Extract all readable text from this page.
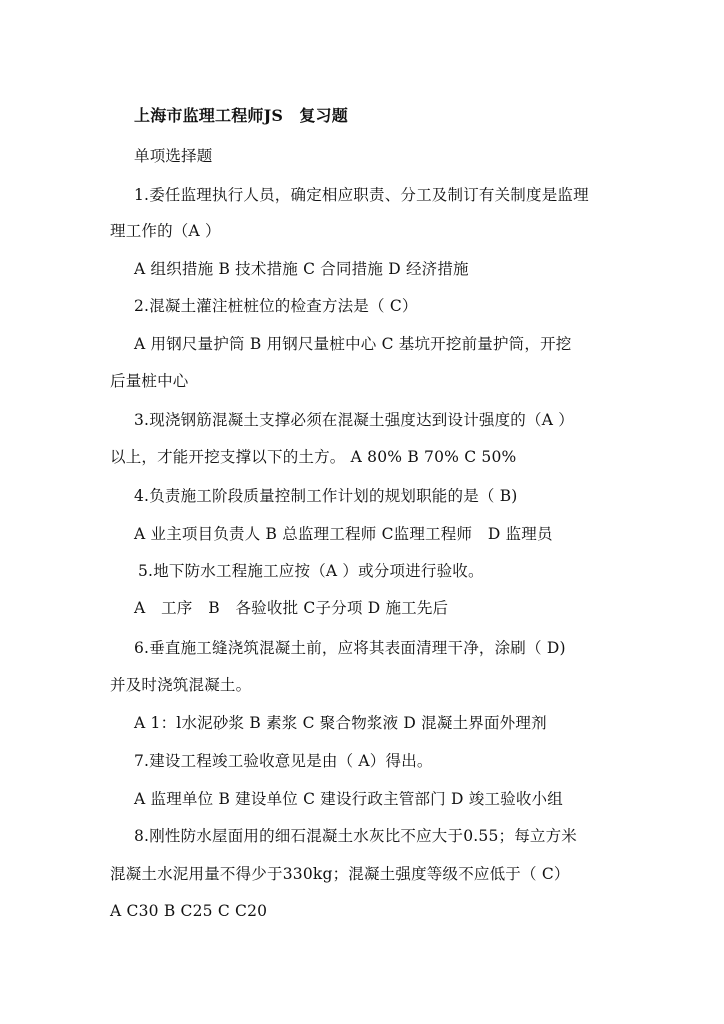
上海市监理工程师JS　复习题
单项选择题
1.委任监理执行人员，确定相应职责、分工及制订有关制度是监理
理工作的（A ）
A 组织措施 B 技术措施 C 合同措施 D 经济措施
2.混凝土灌注桩桩位的检查方法是（ C）
A 用钢尺量护筒 B 用钢尺量桩中心 C 基坑开挖前量护筒，开挖
后量桩中心
3.现浇钢筋混凝土支撑必须在混凝土强度达到设计强度的（A ）
以上，才能开挖支撑以下的土方。 A 80% B 70% C 50%
4.负责施工阶段质量控制工作计划的规划职能的是（ B)
A 业主项目负责人 B 总监理工程师 C监理工程师　D 监理员
5.地下防水工程施工应按（A ）或分项进行验收。
A　工序　B　各验收批 C子分项 D 施工先后
6.垂直施工缝浇筑混凝土前，应将其表面清理干净，涂刷（ D)
并及时浇筑混凝土。
A 1：l水泥砂浆 B 素浆 C 聚合物浆液 D 混凝土界面外理剂
7.建设工程竣工验收意见是由（ A）得出。
A 监理单位 B 建设单位 C 建设行政主管部门 D 竣工验收小组
8.刚性防水屋面用的细石混凝土水灰比不应大于0.55；每立方米
混凝土水泥用量不得少于330kg；混凝土强度等级不应低于（ C）
A C30 B C25 C C20
